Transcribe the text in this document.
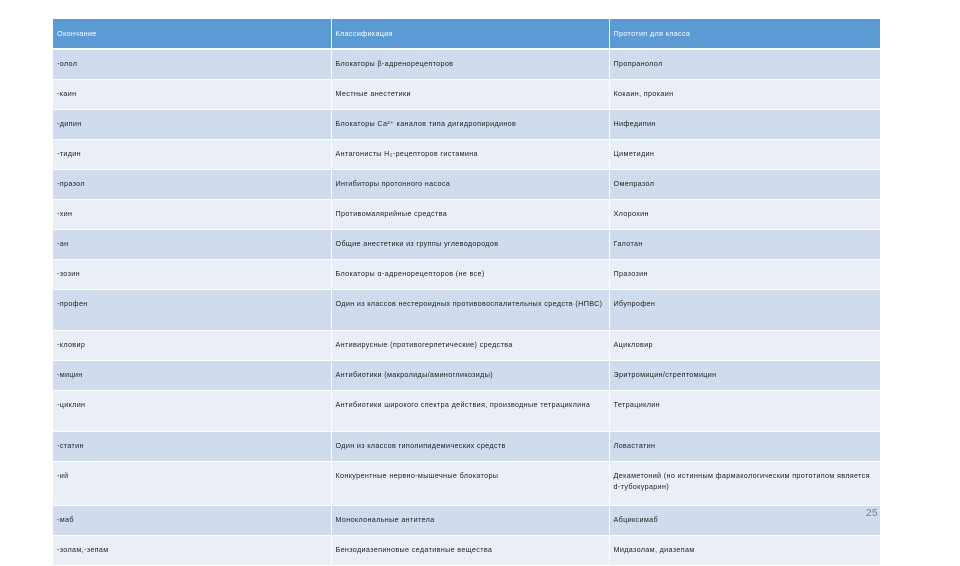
Окончание	Классификация	Прототип для класса
-олол	Блокаторы β-адренорецепторов	Пропранолол
-каин	Местные анестетики	Кокаин, прокаин
-дипин	Блокаторы Ca²⁺ каналов типа дигидропиридинов	Нифедипин
-тидин	Антагонисты H₂-рецепторов гистамина	Циметидин
-празол	Ингибиторы протонного насоса	Омепразол
-хин	Противомалярийные средства	Хлорохин
-ан	Общие анестетики из группы углеводородов	Галотан
-зозин	Блокаторы α-адренорецепторов (не все)	Празозин
-профен	Один из классов нестероидных противовоспалительных средств (НПВС)	Ибупрофен
-кловир	Антивирусные (противогерпетические) средства	Ацикловир
-мицин	Антибиотики (макролиды/аминогликозиды)	Эритромицин/стрептомицин
-циклин	Антибиотики широкого спектра действия, производные тетрациклина	Тетрациклин
-статин	Один из классов гиполипидемических средств	Ловастатин
-ий	Конкурентные нервно-мышечные блокаторы	Декаметоний (но истинным фармакологическим прототипом является d-тубокурарин)
-маб	Моноклональные антитела	Абциксимаб
-золам,-зепам	Бензодиазепиновые седативные вещества	Мидазолам, диазепам
25
